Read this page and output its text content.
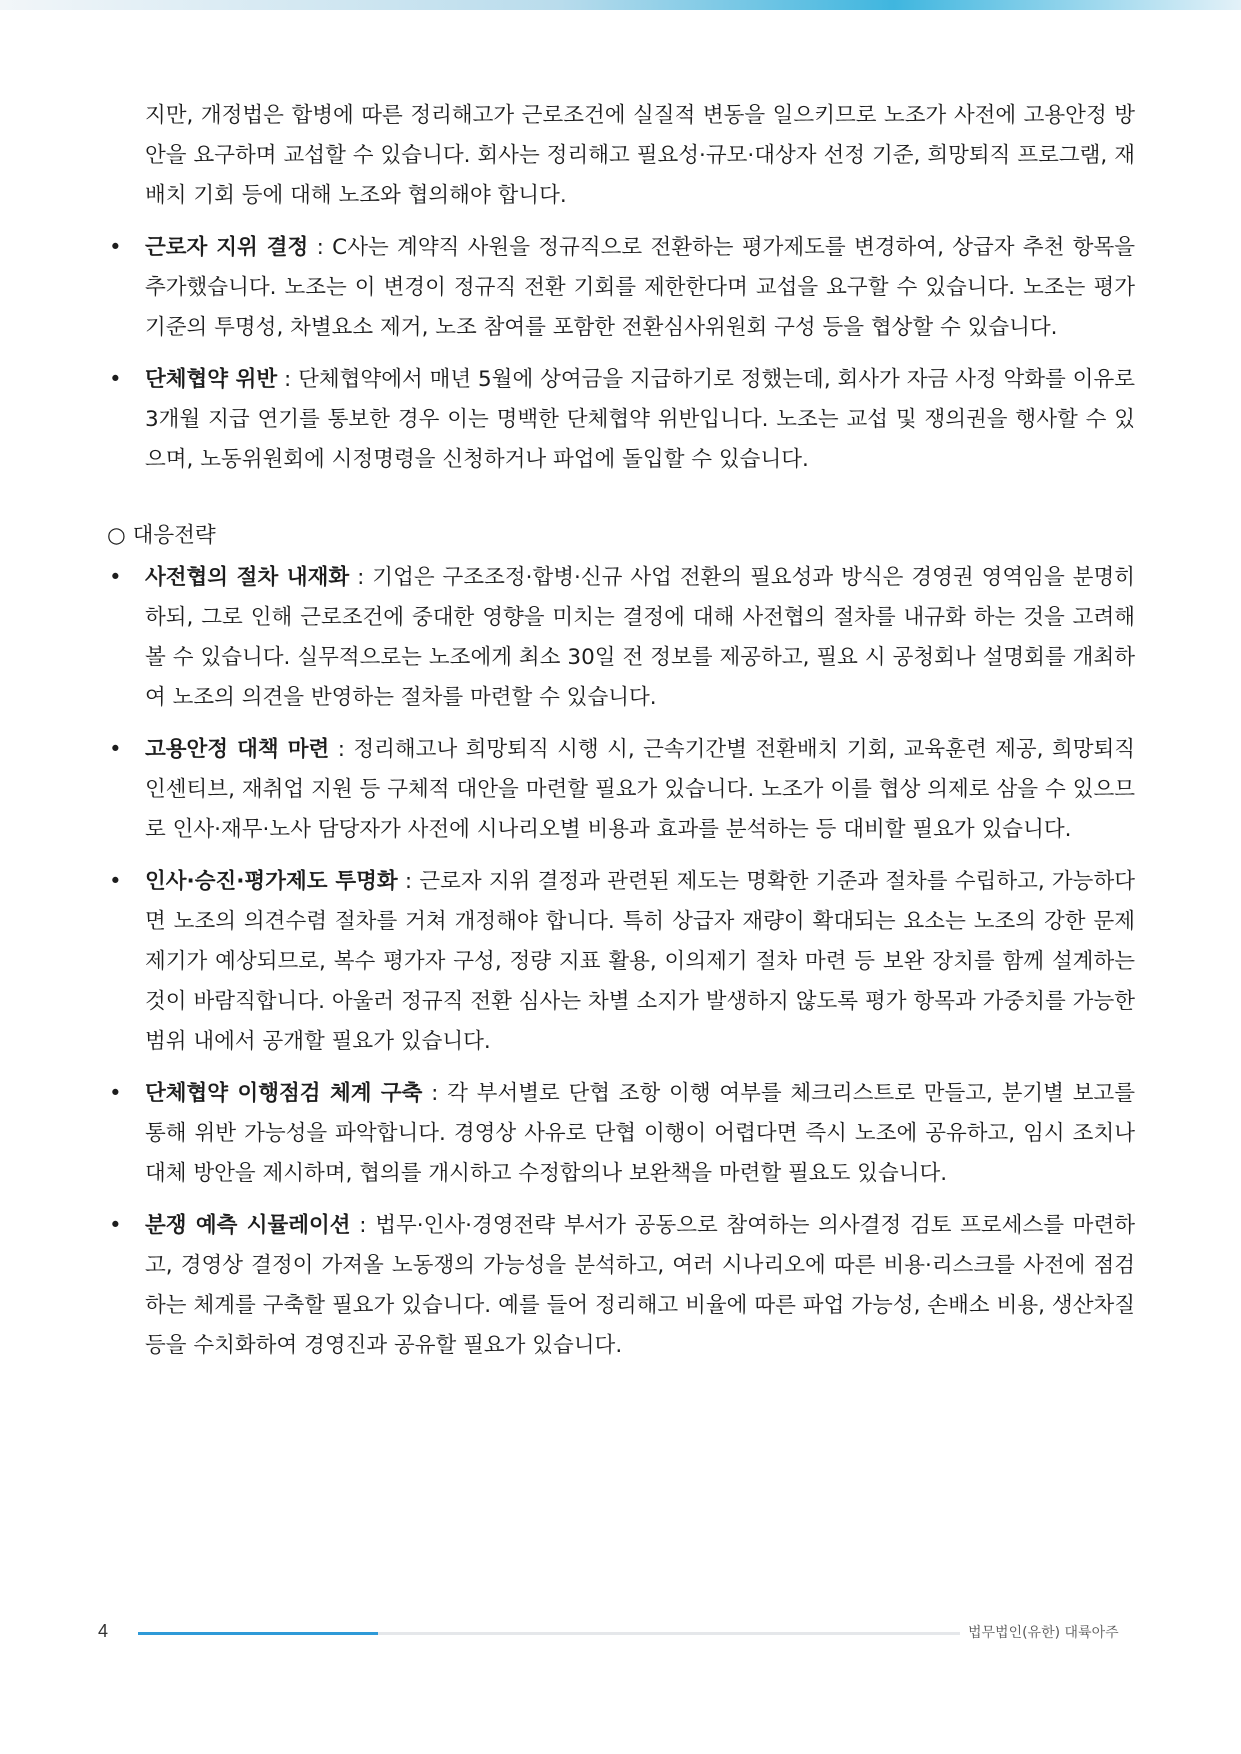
지만, 개정법은 합병에 따른 정리해고가 근로조건에 실질적 변동을 일으키므로 노조가 사전에 고용안정 방안을 요구하며 교섭할 수 있습니다. 회사는 정리해고 필요성·규모·대상자 선정 기준, 희망퇴직 프로그램, 재배치 기회 등에 대해 노조와 협의해야 합니다.

• 근로자 지위 결정 : C사는 계약직 사원을 정규직으로 전환하는 평가제도를 변경하여, 상급자 추천 항목을 추가했습니다. 노조는 이 변경이 정규직 전환 기회를 제한한다며 교섭을 요구할 수 있습니다. 노조는 평가기준의 투명성, 차별요소 제거, 노조 참여를 포함한 전환심사위원회 구성 등을 협상할 수 있습니다.
• 단체협약 위반 : 단체협약에서 매년 5월에 상여금을 지급하기로 정했는데, 회사가 자금 사정 악화를 이유로 3개월 지급 연기를 통보한 경우 이는 명백한 단체협약 위반입니다. 노조는 교섭 및 쟁의권을 행사할 수 있으며, 노동위원회에 시정명령을 신청하거나 파업에 돌입할 수 있습니다.
○ 대응전략
• 사전협의 절차 내재화 : 기업은 구조조정·합병·신규 사업 전환의 필요성과 방식은 경영권 영역임을 분명히 하되, 그로 인해 근로조건에 중대한 영향을 미치는 결정에 대해 사전협의 절차를 내규화 하는 것을 고려해볼 수 있습니다. 실무적으로는 노조에게 최소 30일 전 정보를 제공하고, 필요 시 공청회나 설명회를 개최하여 노조의 의견을 반영하는 절차를 마련할 수 있습니다.
• 고용안정 대책 마련 : 정리해고나 희망퇴직 시행 시, 근속기간별 전환배치 기회, 교육훈련 제공, 희망퇴직 인센티브, 재취업 지원 등 구체적 대안을 마련할 필요가 있습니다. 노조가 이를 협상 의제로 삼을 수 있으므로 인사·재무·노사 담당자가 사전에 시나리오별 비용과 효과를 분석하는 등 대비할 필요가 있습니다.
• 인사·승진·평가제도 투명화 : 근로자 지위 결정과 관련된 제도는 명확한 기준과 절차를 수립하고, 가능하다면 노조의 의견수렴 절차를 거쳐 개정해야 합니다. 특히 상급자 재량이 확대되는 요소는 노조의 강한 문제 제기가 예상되므로, 복수 평가자 구성, 정량 지표 활용, 이의제기 절차 마련 등 보완 장치를 함께 설계하는 것이 바람직합니다. 아울러 정규직 전환 심사는 차별 소지가 발생하지 않도록 평가 항목과 가중치를 가능한 범위 내에서 공개할 필요가 있습니다.
• 단체협약 이행점검 체계 구축 : 각 부서별로 단협 조항 이행 여부를 체크리스트로 만들고, 분기별 보고를 통해 위반 가능성을 파악합니다. 경영상 사유로 단협 이행이 어렵다면 즉시 노조에 공유하고, 임시 조치나 대체 방안을 제시하며, 협의를 개시하고 수정합의나 보완책을 마련할 필요도 있습니다.
• 분쟁 예측 시뮬레이션 : 법무·인사·경영전략 부서가 공동으로 참여하는 의사결정 검토 프로세스를 마련하고, 경영상 결정이 가져올 노동쟁의 가능성을 분석하고, 여러 시나리오에 따른 비용·리스크를 사전에 점검하는 체계를 구축할 필요가 있습니다. 예를 들어 정리해고 비율에 따른 파업 가능성, 손배소 비용, 생산차질 등을 수치화하여 경영진과 공유할 필요가 있습니다.
4	법무법인(유한) 대륙아주
